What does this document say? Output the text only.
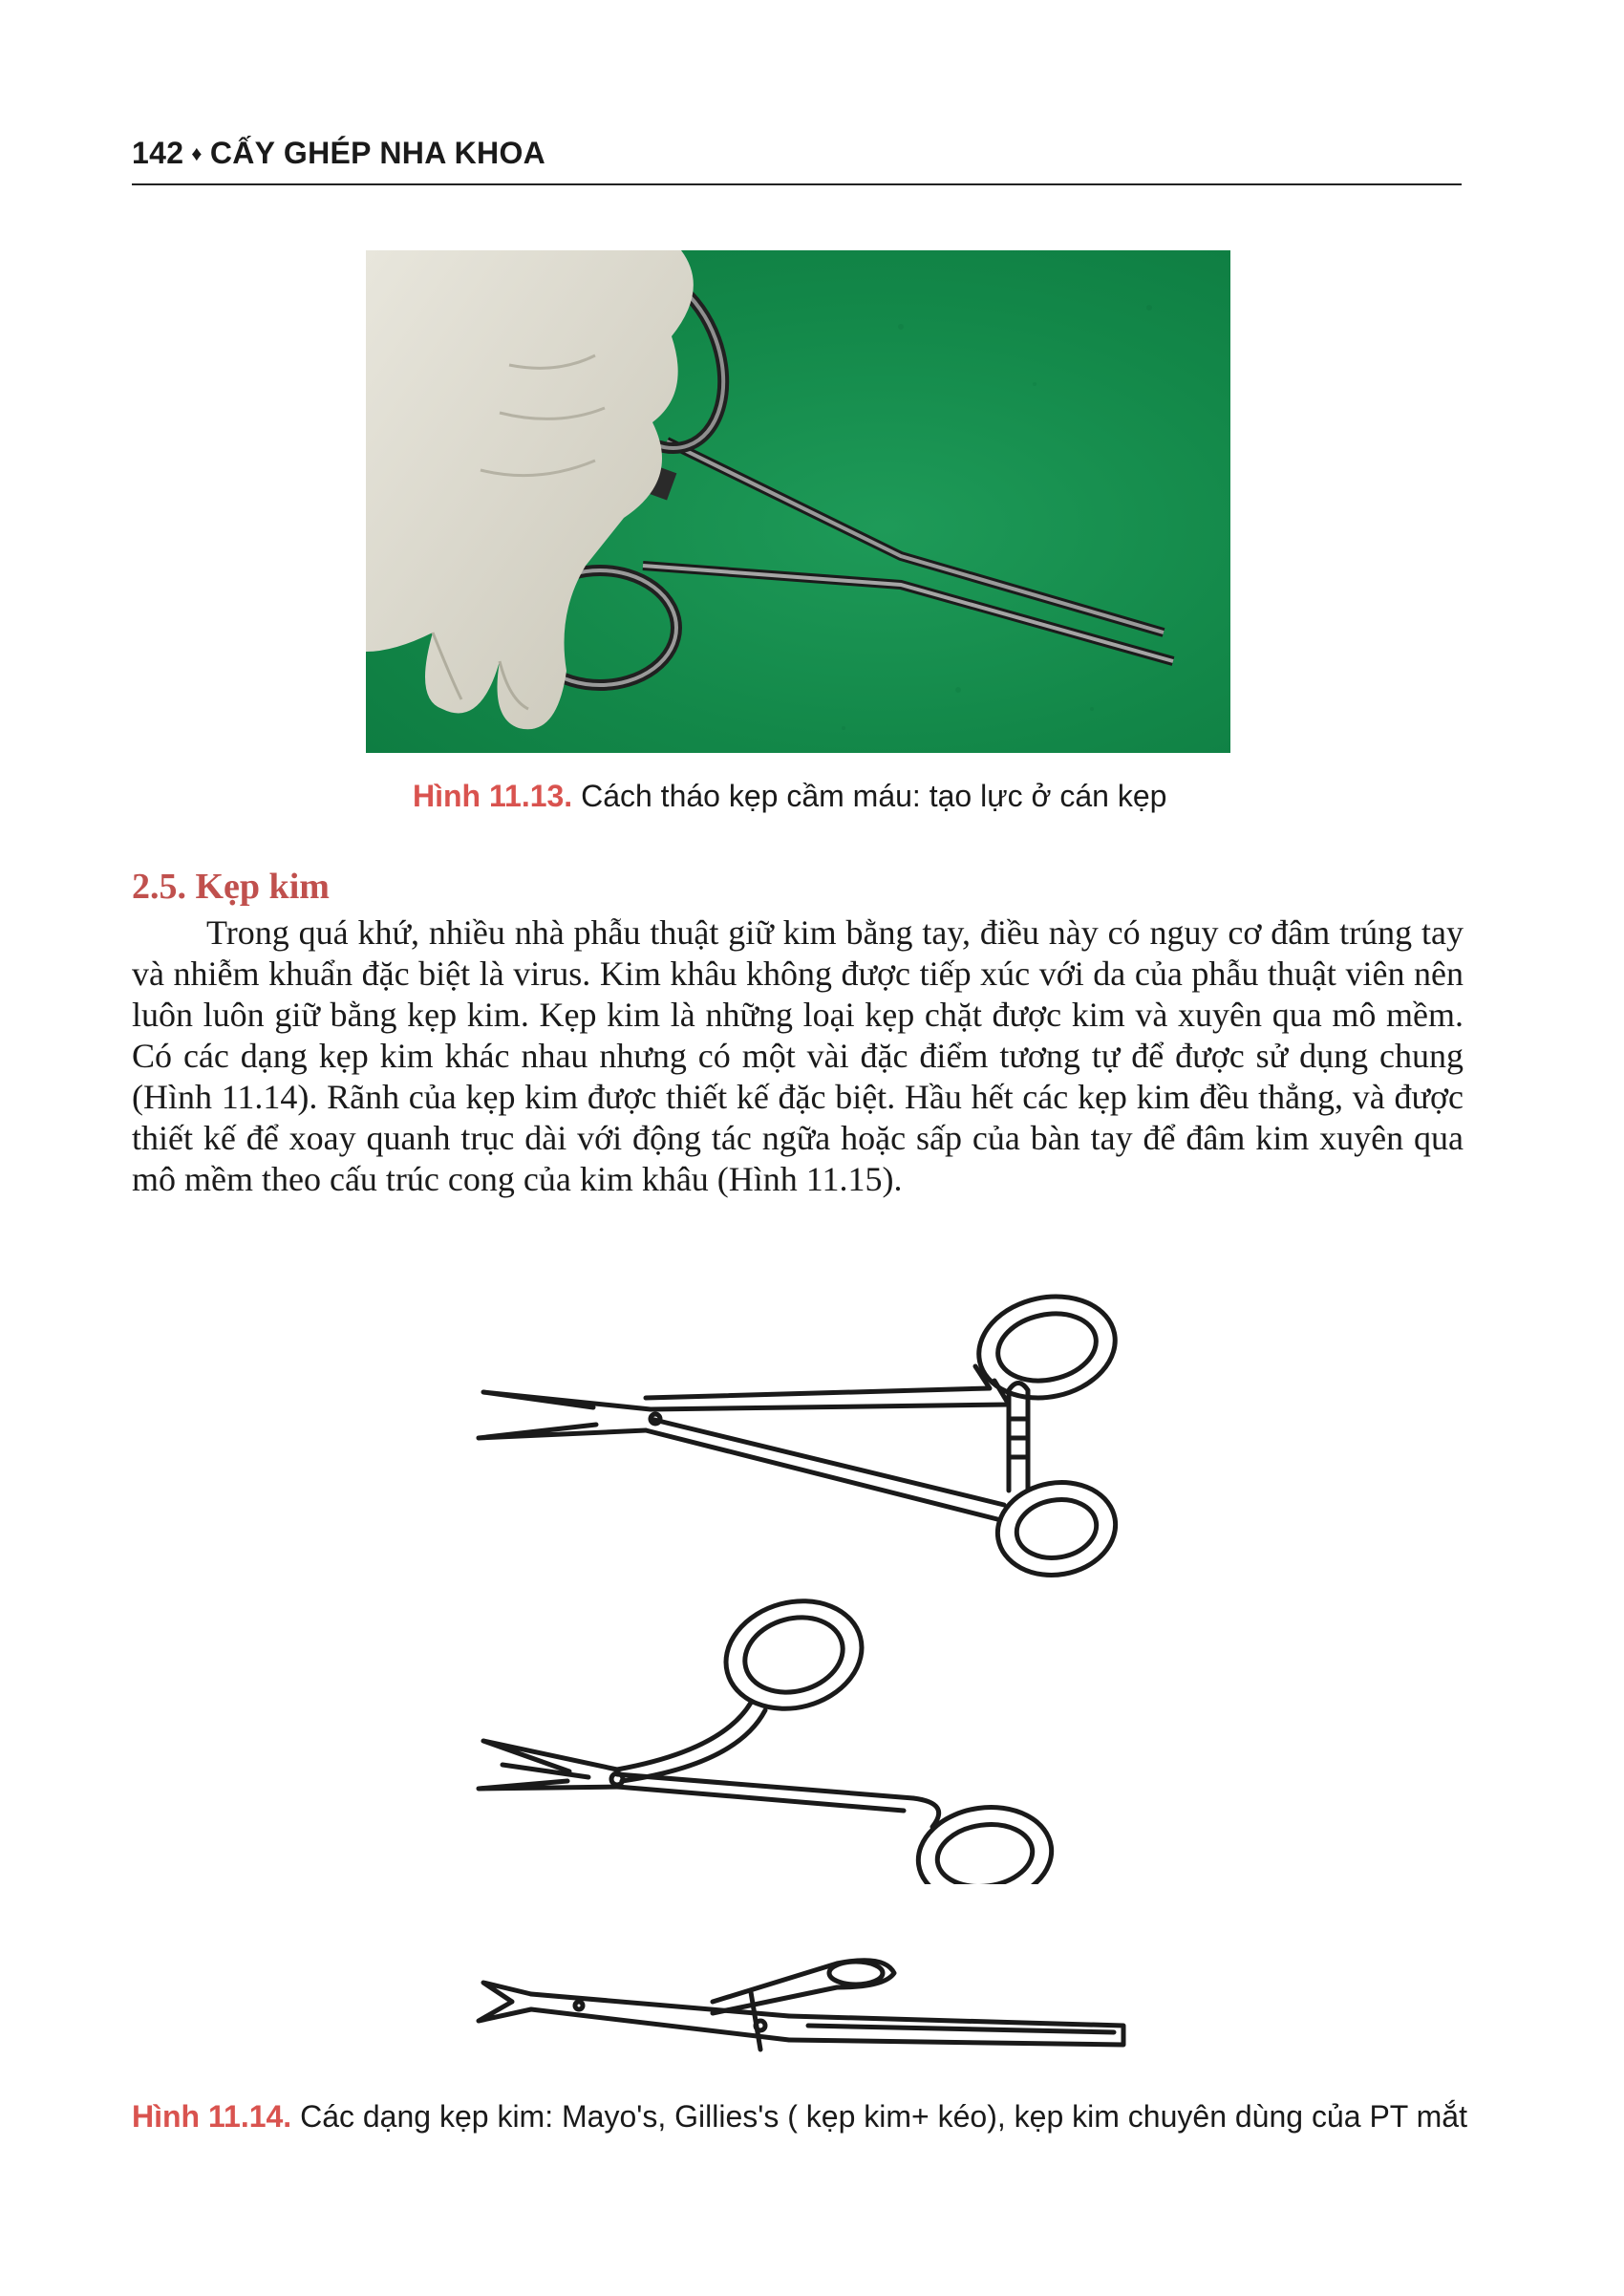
142 ♦ CẤY GHÉP NHA KHOA
Hình 11.13. Cách tháo kẹp cầm máu: tạo lực ở cán kẹp
2.5. Kẹp kim
Trong quá khứ, nhiều nhà phẫu thuật giữ kim bằng tay, điều này có nguy cơ đâm trúng tay và nhiễm khuẩn đặc biệt là virus. Kim khâu không được tiếp xúc với da của phẫu thuật viên nên luôn luôn giữ bằng kẹp kim. Kẹp kim là những loại kẹp chặt được kim và xuyên qua mô mềm. Có các dạng kẹp kim khác nhau nhưng có một vài đặc điểm tương tự để được sử dụng chung (Hình 11.14). Rãnh của kẹp kim được thiết kế đặc biệt. Hầu hết các kẹp kim đều thẳng, và được thiết kế để xoay quanh trục dài với động tác ngữa hoặc sấp của bàn tay để đâm kim xuyên qua mô mềm theo cấu trúc cong của kim khâu (Hình 11.15).
Hình 11.14. Các dạng kẹp kim: Mayo's, Gillies's ( kẹp kim+ kéo), kẹp kim chuyên dùng của PT mắt
